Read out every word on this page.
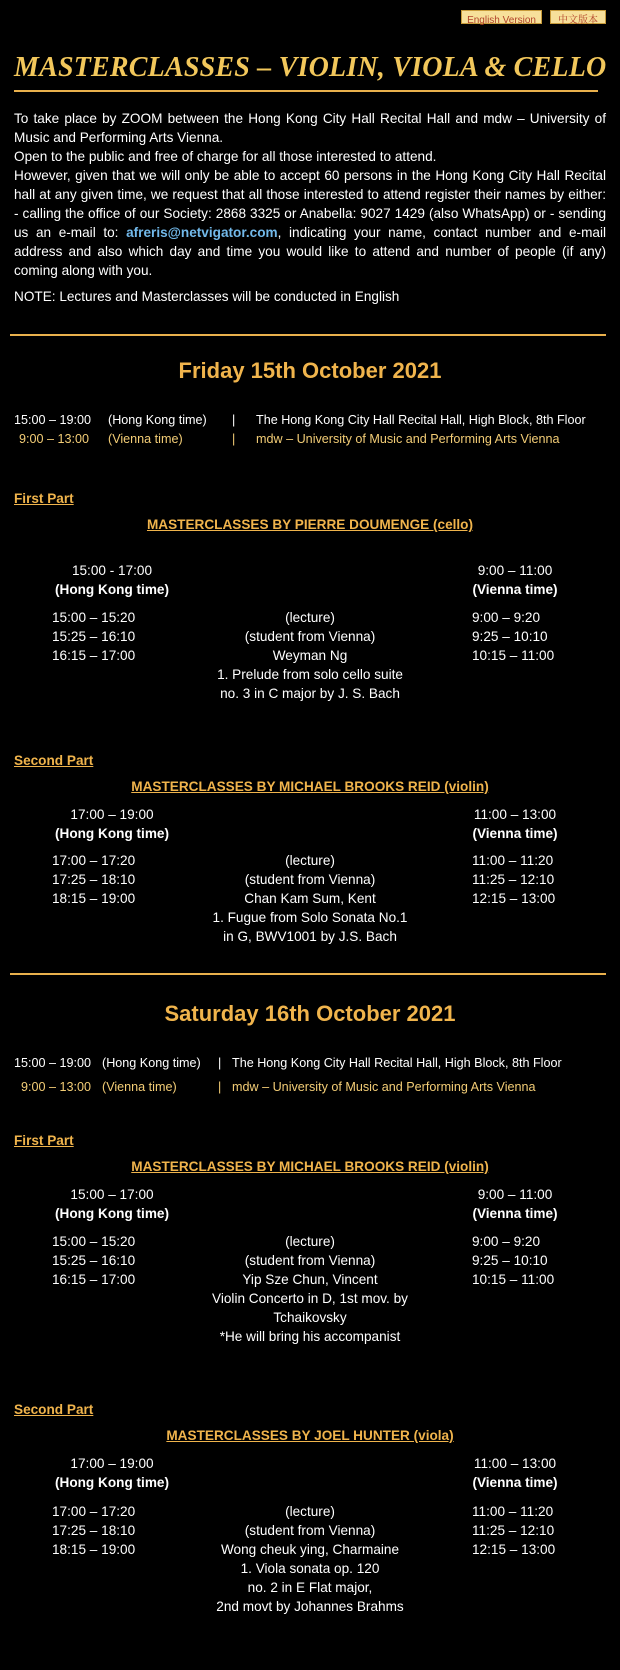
English Version	中文版本
MASTERCLASSES – VIOLIN, VIOLA & CELLO

To take place by ZOOM between the Hong Kong City Hall Recital Hall and mdw – University of Music and Performing Arts Vienna.

Open to the public and free of charge for all those interested to attend.

However, given that we will only be able to accept 60 persons in the Hong Kong City Hall Recital hall at any given time, we request that all those interested to attend register their names by either: - calling the office of our Society: 2868 3325 or Anabella: 9027 1429 (also WhatsApp) or - sending us an e-mail to: afreris@netvigator.com, indicating your name, contact number and e-mail address and also which day and time you would like to attend and number of people (if any) coming along with you.

NOTE: Lectures and Masterclasses will be conducted in English
Friday 15th October 2021
15:00 – 19:00 (Hong Kong time) | The Hong Kong City Hall Recital Hall, High Block, 8th Floor
9:00 – 13:00 (Vienna time)	| mdw – University of Music and Performing Arts Vienna
First Part
MASTERCLASSES BY PIERRE DOUMENGE (cello)
15:00 - 17:00
(Hong Kong time)
9:00 – 11:00
(Vienna time)
15:00 – 15:20	(lecture)	9:00 – 9:20
15:25 – 16:10	(student from Vienna)	9:25 – 10:10
16:15 – 17:00	Weyman Ng	10:15 – 11:00
1. Prelude from solo cello suite
no. 3 in C major by J. S. Bach
Second Part
MASTERCLASSES BY MICHAEL BROOKS REID (violin)
17:00 – 19:00
(Hong Kong time)
11:00 – 13:00
(Vienna time)
17:00 – 17:20	(lecture)	11:00 – 11:20
17:25 – 18:10	(student from Vienna)	11:25 – 12:10
18:15 – 19:00	Chan Kam Sum, Kent	12:15 – 13:00
1. Fugue from Solo Sonata No.1
in G, BWV1001 by J.S. Bach
Saturday 16th October 2021
15:00 – 19:00 (Hong Kong time) | The Hong Kong City Hall Recital Hall, High Block, 8th Floor
9:00 – 13:00 (Vienna time)	| mdw – University of Music and Performing Arts Vienna
First Part
MASTERCLASSES BY MICHAEL BROOKS REID (violin)
15:00 – 17:00
(Hong Kong time)
9:00 – 11:00
(Vienna time)
15:00 – 15:20	(lecture)	9:00 – 9:20
15:25 – 16:10	(student from Vienna)	9:25 – 10:10
16:15 – 17:00	Yip Sze Chun, Vincent	10:15 – 11:00
Violin Concerto in D, 1st mov. by
Tchaikovsky
*He will bring his accompanist
Second Part
MASTERCLASSES BY JOEL HUNTER (viola)
17:00 – 19:00
(Hong Kong time)
11:00 – 13:00
(Vienna time)
17:00 – 17:20	(lecture)	11:00 – 11:20
17:25 – 18:10	(student from Vienna)	11:25 – 12:10
18:15 – 19:00	Wong cheuk ying, Charmaine	12:15 – 13:00
1. Viola sonata op. 120
no. 2 in E Flat major,
2nd movt by Johannes Brahms
